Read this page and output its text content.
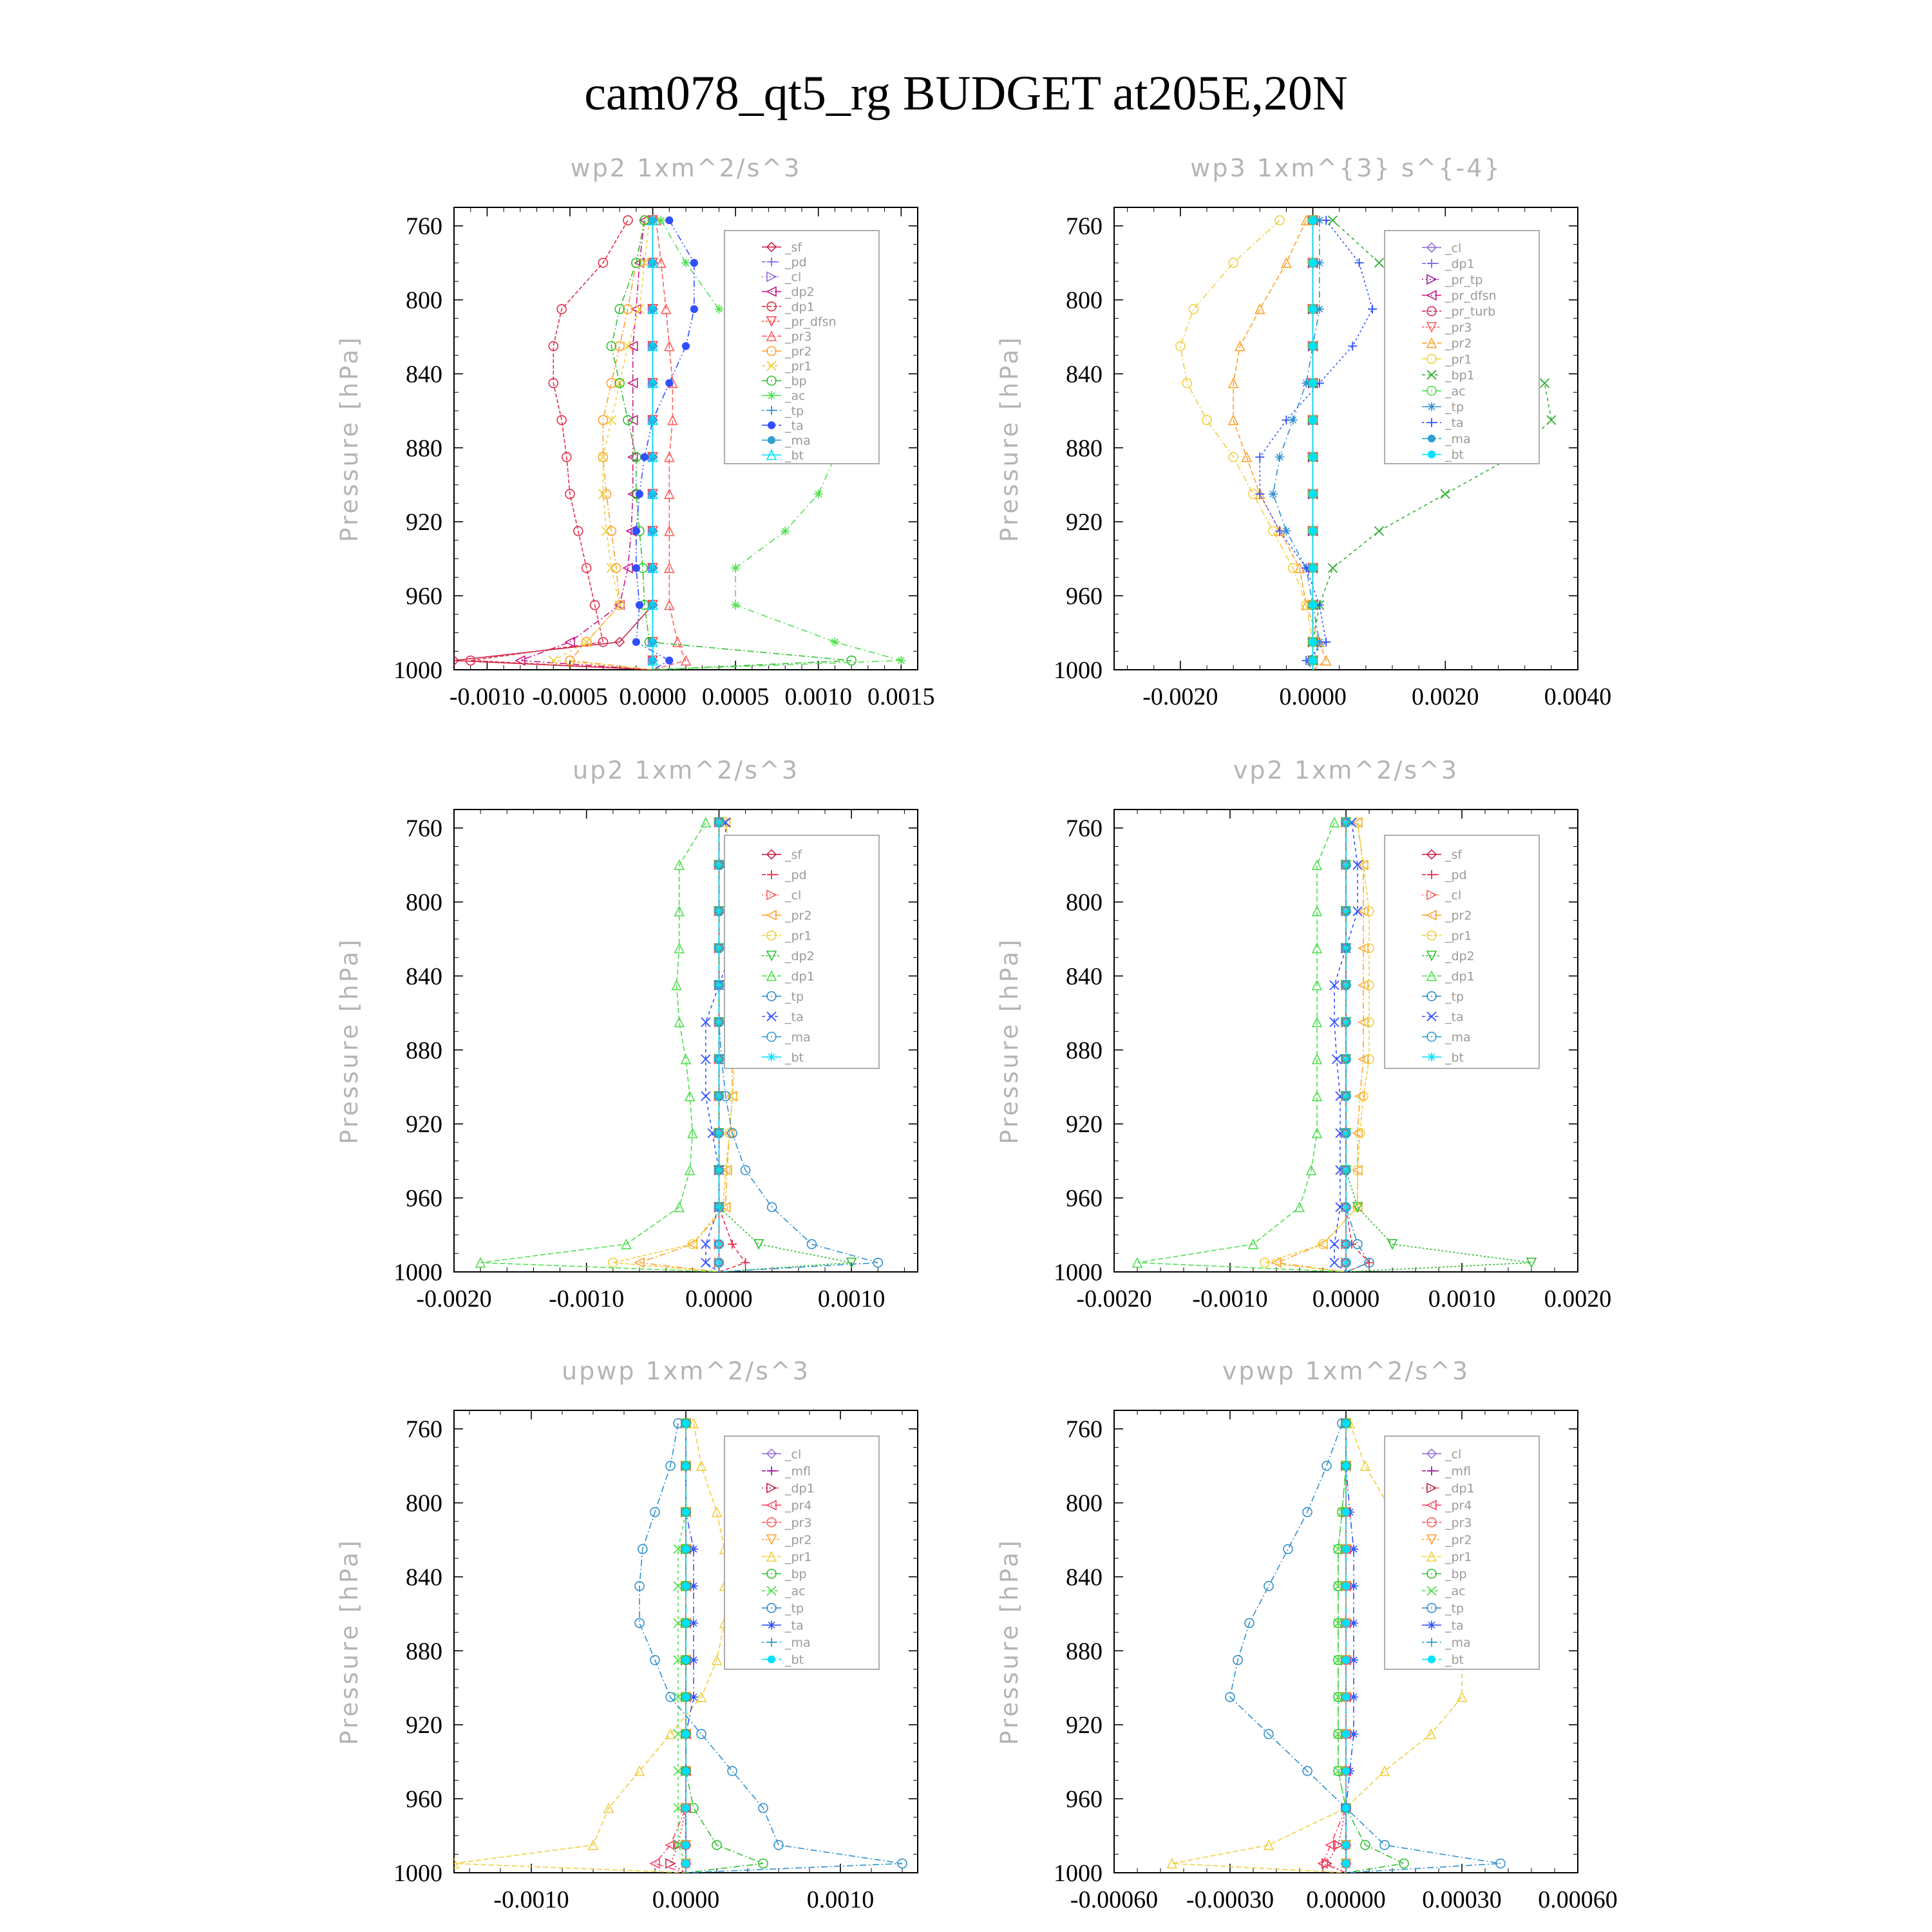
cam078_qt5_rg BUDGET at205E,20N
wp2 1xm^2/s^3
Pressure [hPa]
760
800
840
880
920
960
1000
-0.0010 -0.0005 0.0000 0.0005 0.0010 0.0015
_sf
_pd
_cl
_dp2
_dp1
_pr_dfsn
_pr3
_pr2
_pr1
_bp
_ac
_tp
_ta
_ma
_bt
wp3 1xm^{3} s^{-4}
Pressure [hPa]
760
800
840
880
920
960
1000
-0.0020 0.0000	0.0020	0.0040
_cl
_dp1
_pr_tp
_pr_dfsn
_pr_turb
_pr3
_pr2
_pr1
_bp1
_ac
_tp
_ta
_ma
_bt
up2 1xm^2/s^3
Pressure [hPa]
760
800
840
880
920
960
1000
-0.0020 -0.0010 0.0000	0.0010
_sf
_pd
_cl
_pr2
_pr1
_dp2
_dp1
_tp
_ta
_ma
_bt
vp2 1xm^2/s^3
Pressure [hPa]
760
800
840
880
920
960
1000
-0.0020 -0.0010 0.0000 0.0010 0.0020
_sf
_pd
_cl
_pr2
_pr1
_dp2
_dp1
_tp
_ta
_ma
_bt
upwp 1xm^2/s^3
Pressure [hPa]
760
800
840
880
920
960
1000
-0.0010	0.0000	0.0010
_cl
_mfl
_dp1
_pr4
_pr3
_pr2
_pr1
_bp
_ac
_tp
_ta
_ma
_bt
vpwp 1xm^2/s^3
Pressure [hPa]
760
800
840
880
920
960
1000
-0.00060 -0.00030 0.00000 0.00030 0.00060
_cl
_mfl
_dp1
_pr4
_pr3
_pr2
_pr1
_bp
_ac
_tp
_ta
_ma
_bt
